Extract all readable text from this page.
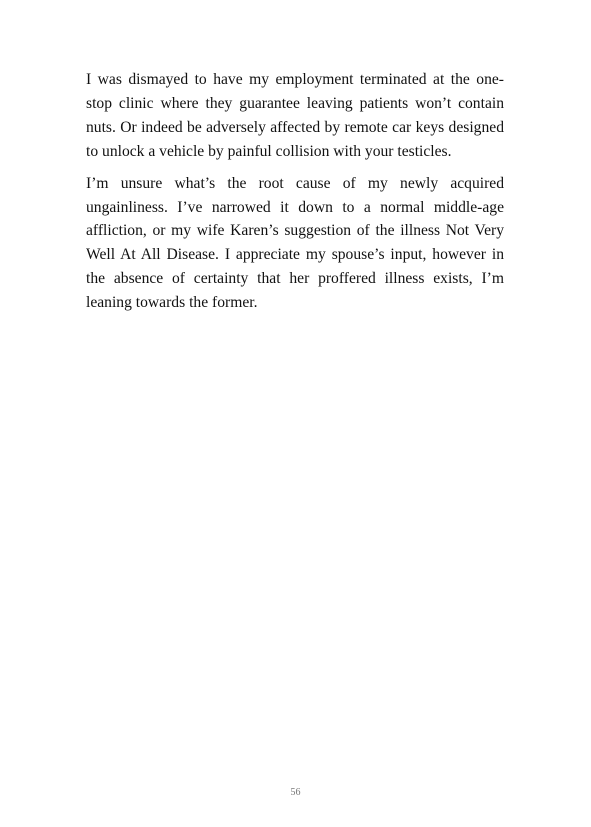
I was dismayed to have my employment terminated at the one-stop clinic where they guarantee leaving patients won’t contain nuts. Or indeed be adversely affected by remote car keys designed to unlock a vehicle by painful collision with your testicles.

I’m unsure what’s the root cause of my newly acquired ungainliness. I’ve narrowed it down to a normal middle-age affliction, or my wife Karen’s suggestion of the illness Not Very Well At All Disease. I appreciate my spouse’s input, however in the absence of certainty that her proffered illness exists, I’m leaning towards the former.

56
